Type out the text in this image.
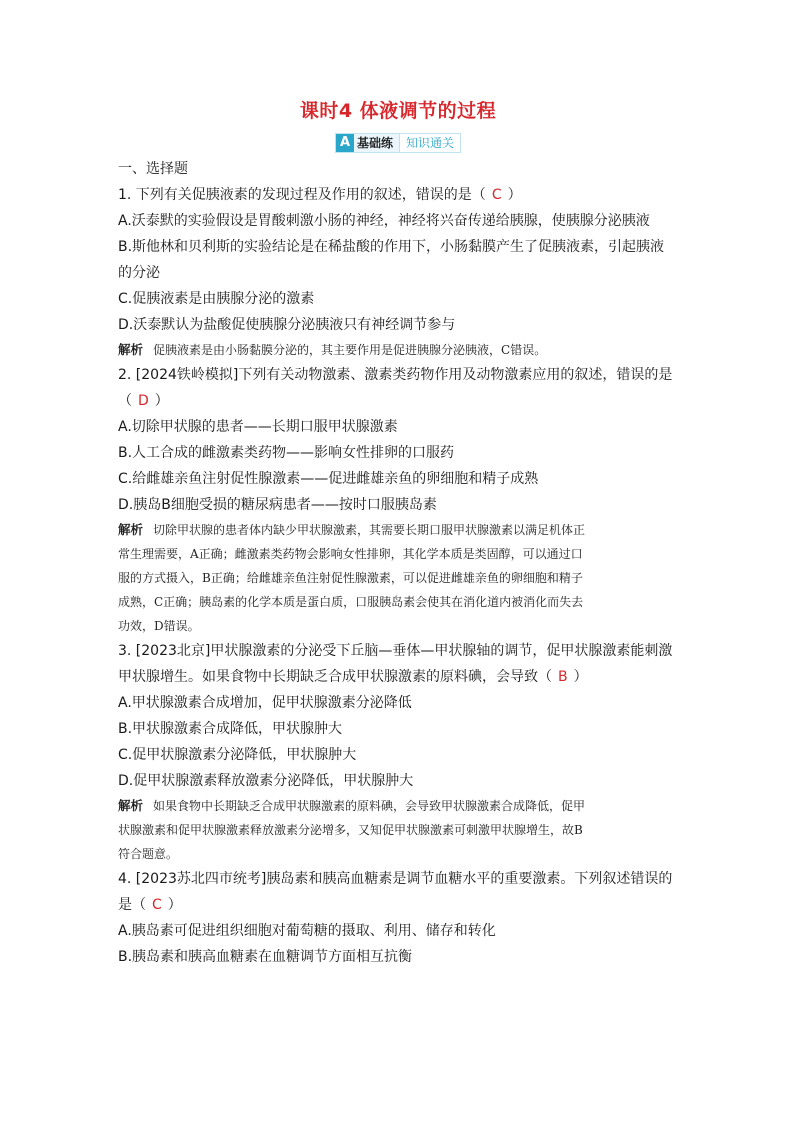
课时4 体液调节的过程
A 基础练	知识通关

一、选择题

1. 下列有关促胰液素的发现过程及作用的叙述，错误的是（ C ）

A.沃泰默的实验假设是胃酸刺激小肠的神经，神经将兴奋传递给胰腺，使胰腺分泌胰液

B.斯他林和贝利斯的实验结论是在稀盐酸的作用下，小肠黏膜产生了促胰液素，引起胰液

的分泌

C.促胰液素是由胰腺分泌的激素

D.沃泰默认为盐酸促使胰腺分泌胰液只有神经调节参与

解析 促胰液素是由小肠黏膜分泌的，其主要作用是促进胰腺分泌胰液，C错误。

2. [2024铁岭模拟]下列有关动物激素、激素类药物作用及动物激素应用的叙述，错误的是

（ D ）

A.切除甲状腺的患者——长期口服甲状腺激素

B.人工合成的雌激素类药物——影响女性排卵的口服药

C.给雌雄亲鱼注射促性腺激素——促进雌雄亲鱼的卵细胞和精子成熟

D.胰岛B细胞受损的糖尿病患者——按时口服胰岛素

解析 切除甲状腺的患者体内缺少甲状腺激素，其需要长期口服甲状腺激素以满足机体正

常生理需要，A正确；雌激素类药物会影响女性排卵，其化学本质是类固醇，可以通过口

服的方式摄入，B正确；给雌雄亲鱼注射促性腺激素，可以促进雌雄亲鱼的卵细胞和精子

成熟，C正确；胰岛素的化学本质是蛋白质，口服胰岛素会使其在消化道内被消化而失去

功效，D错误。

3. [2023北京]甲状腺激素的分泌受下丘脑—垂体—甲状腺轴的调节，促甲状腺激素能刺激

甲状腺增生。如果食物中长期缺乏合成甲状腺激素的原料碘，会导致（ B ）

A.甲状腺激素合成增加，促甲状腺激素分泌降低

B.甲状腺激素合成降低，甲状腺肿大

C.促甲状腺激素分泌降低，甲状腺肿大

D.促甲状腺激素释放激素分泌降低，甲状腺肿大

解析 如果食物中长期缺乏合成甲状腺激素的原料碘，会导致甲状腺激素合成降低，促甲

状腺激素和促甲状腺激素释放激素分泌增多，又知促甲状腺激素可刺激甲状腺增生，故B

符合题意。

4. [2023苏北四市统考]胰岛素和胰高血糖素是调节血糖水平的重要激素。下列叙述错误的

是（ C ）

A.胰岛素可促进组织细胞对葡萄糖的摄取、利用、储存和转化

B.胰岛素和胰高血糖素在血糖调节方面相互抗衡
